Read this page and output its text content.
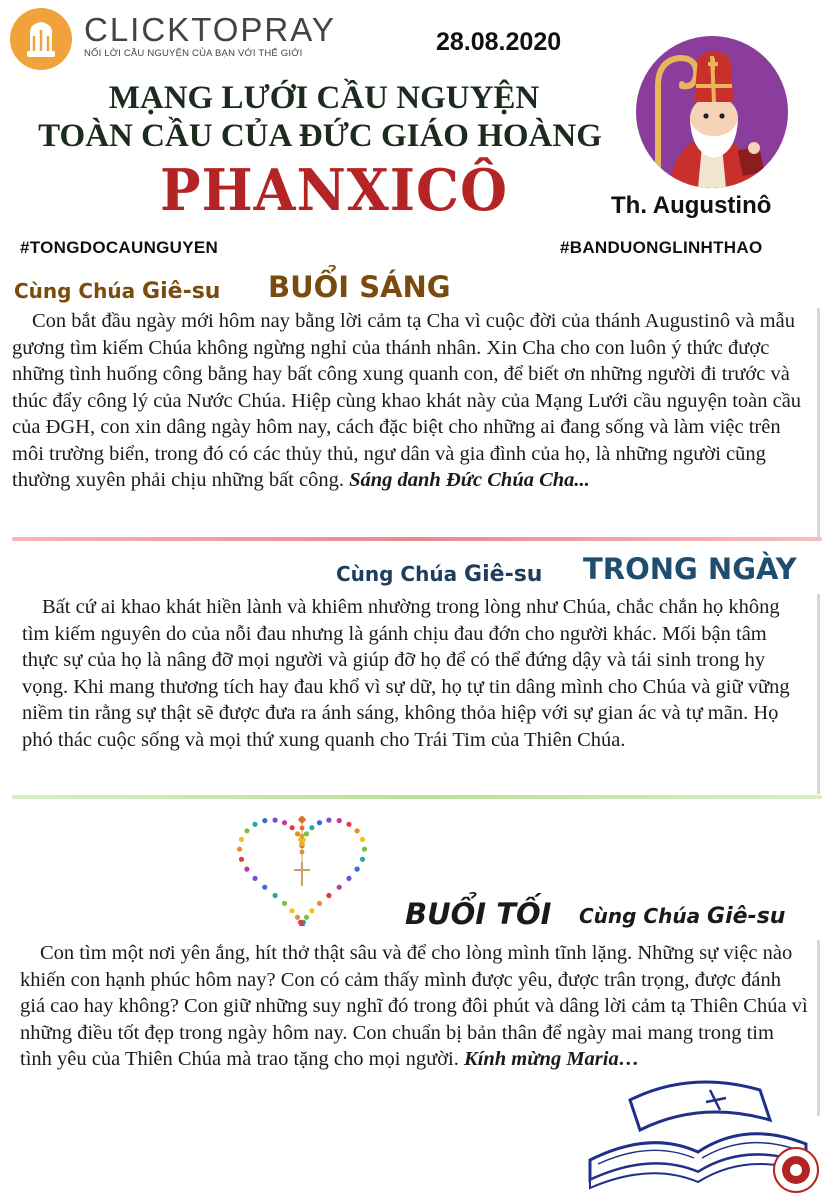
CLICKTOPRAY
NỐI LỜI CẦU NGUYỆN CỦA BẠN VỚI THẾ GIỚI	28.08.2020
MẠNG LƯỚI CẦU NGUYỆN
TOÀN CẦU CỦA ĐỨC GIÁO HOÀNG
PHANXICÔ	Th. Augustinô
#TONGDOCAUNGUYEN	#BANDUONGLINHTHAO
Cùng Chúa Giê-su BUỔI SÁNG

Con bắt đầu ngày mới hôm nay bằng lời cảm tạ Cha vì cuộc đời của thánh Augustinô và mẫu gương tìm kiếm Chúa không ngừng nghỉ của thánh nhân. Xin Cha cho con luôn ý thức được những tình huống công bằng hay bất công xung quanh con, để biết ơn những người đi trước và thúc đẩy công lý của Nước Chúa. Hiệp cùng khao khát này của Mạng Lưới cầu nguyện toàn cầu của ĐGH, con xin dâng ngày hôm nay, cách đặc biệt cho những ai đang sống và làm việc trên môi trường biển, trong đó có các thủy thủ, ngư dân và gia đình của họ, là những người cũng thường xuyên phải chịu những bất công. Sáng danh Đức Chúa Cha...

Cùng Chúa Giê-su TRONG NGÀY

Bất cứ ai khao khát hiền lành và khiêm nhường trong lòng như Chúa, chắc chắn họ không tìm kiếm nguyên do của nỗi đau nhưng là gánh chịu đau đớn cho người khác. Mối bận tâm thực sự của họ là nâng đỡ mọi người và giúp đỡ họ để có thể đứng dậy và tái sinh trong hy vọng. Khi mang thương tích hay đau khổ vì sự dữ, họ tự tin dâng mình cho Chúa và giữ vững niềm tin rằng sự thật sẽ được đưa ra ánh sáng, không thỏa hiệp với sự gian ác và tự mãn. Họ phó thác cuộc sống và mọi thứ xung quanh cho Trái Tim của Thiên Chúa.

BUỔI TỐI Cùng Chúa Giê-su

Con tìm một nơi yên ắng, hít thở thật sâu và để cho lòng mình tĩnh lặng. Những sự việc nào khiến con hạnh phúc hôm nay? Con có cảm thấy mình được yêu, được trân trọng, được đánh giá cao hay không? Con giữ những suy nghĩ đó trong đôi phút và dâng lời cảm tạ Thiên Chúa vì những điều tốt đẹp trong ngày hôm nay. Con chuẩn bị bản thân để ngày mai mang trong tim tình yêu của Thiên Chúa mà trao tặng cho mọi người. Kính mừng Maria…
